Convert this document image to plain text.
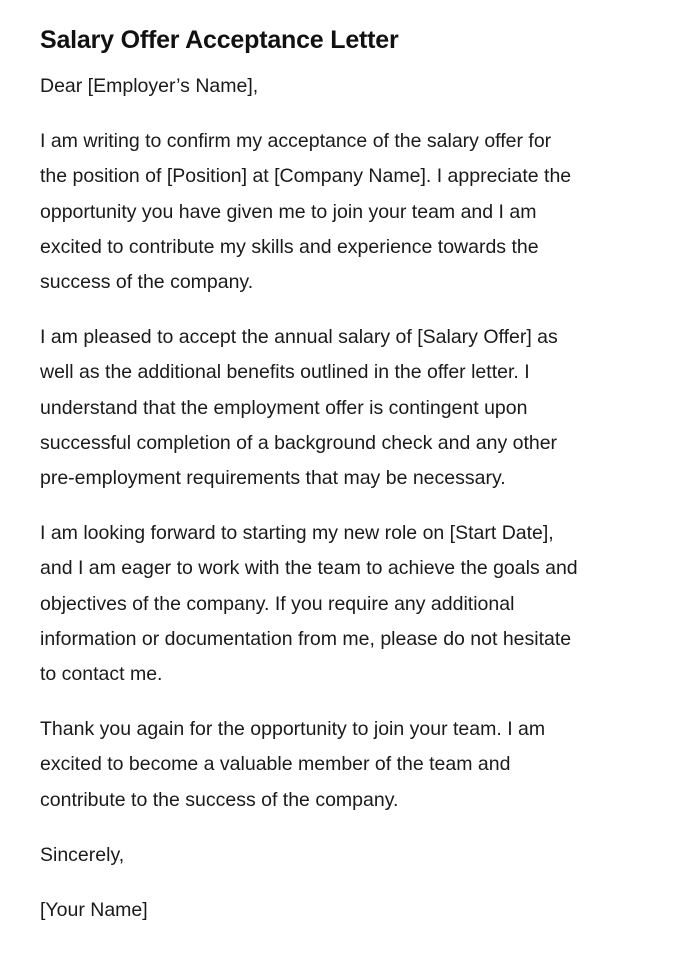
Salary Offer Acceptance Letter

Dear [Employer’s Name],

I am writing to confirm my acceptance of the salary offer for
the position of [Position] at [Company Name]. I appreciate the
opportunity you have given me to join your team and I am
excited to contribute my skills and experience towards the
success of the company.

I am pleased to accept the annual salary of [Salary Offer] as
well as the additional benefits outlined in the offer letter. I
understand that the employment offer is contingent upon
successful completion of a background check and any other
pre-employment requirements that may be necessary.

I am looking forward to starting my new role on [Start Date],
and I am eager to work with the team to achieve the goals and
objectives of the company. If you require any additional
information or documentation from me, please do not hesitate
to contact me.

Thank you again for the opportunity to join your team. I am
excited to become a valuable member of the team and
contribute to the success of the company.

Sincerely,

[Your Name]
